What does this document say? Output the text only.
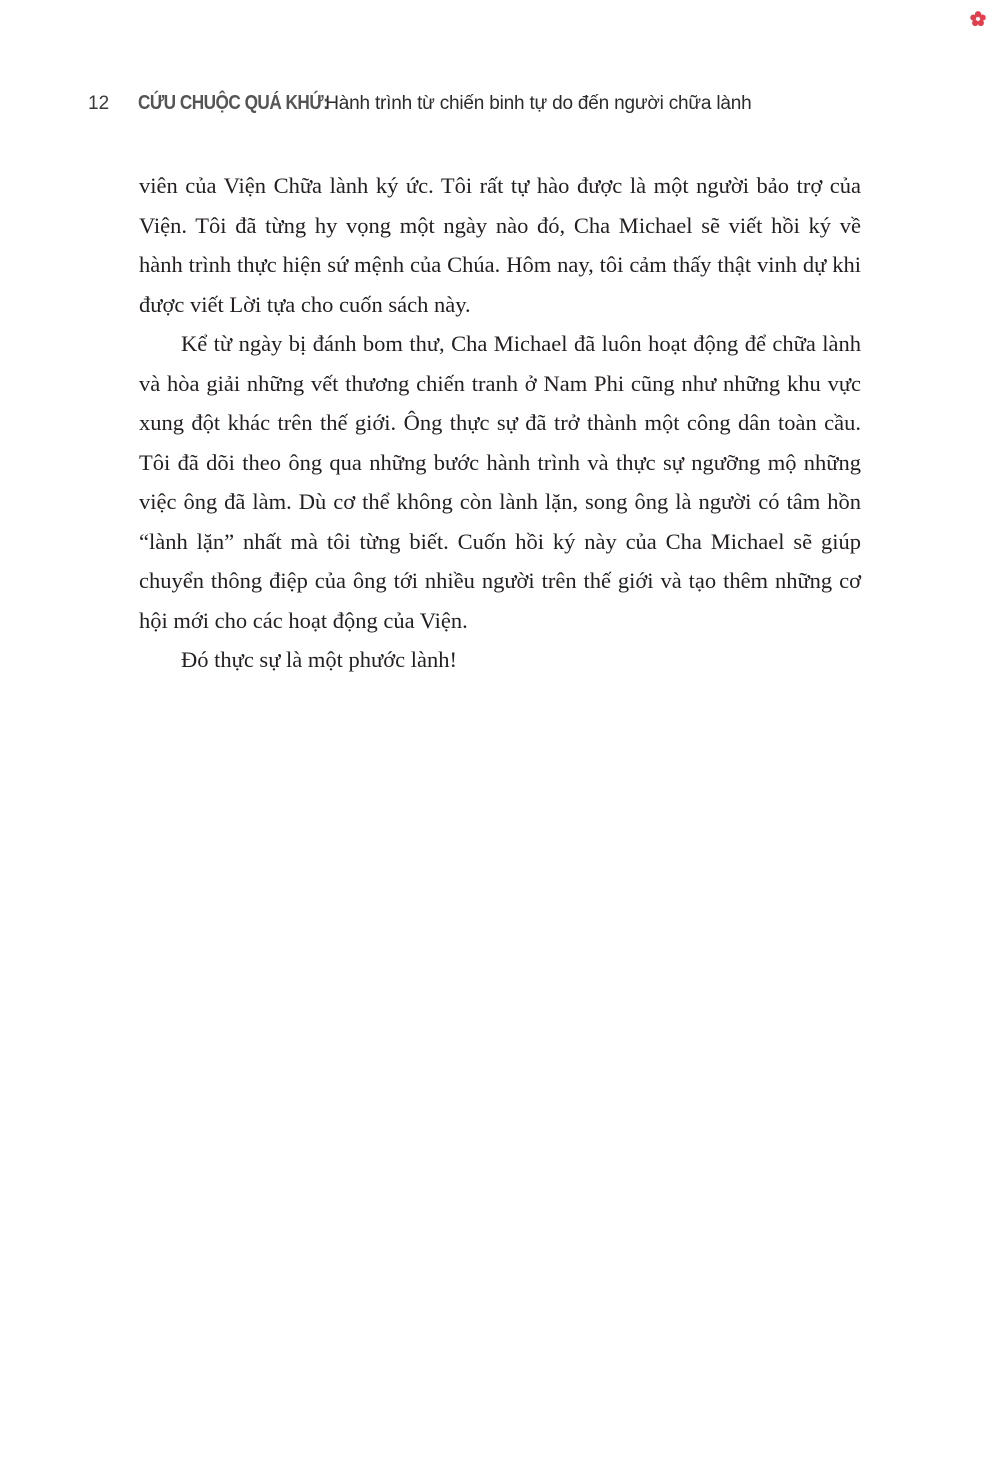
12	CỨU CHUỘC QUÁ KHỨ:
Hành trình từ chiến binh tự do đến người chữa lành

viên của Viện Chữa lành ký ức. Tôi rất tự hào được là một người bảo trợ của Viện. Tôi đã từng hy vọng một ngày nào đó, Cha Michael sẽ viết hồi ký về hành trình thực hiện sứ mệnh của Chúa. Hôm nay, tôi cảm thấy thật vinh dự khi được viết Lời tựa cho cuốn sách này.

Kể từ ngày bị đánh bom thư, Cha Michael đã luôn hoạt động để chữa lành và hòa giải những vết thương chiến tranh ở Nam Phi cũng như những khu vực xung đột khác trên thế giới. Ông thực sự đã trở thành một công dân toàn cầu. Tôi đã dõi theo ông qua những bước hành trình và thực sự ngưỡng mộ những việc ông đã làm. Dù cơ thể không còn lành lặn, song ông là người có tâm hồn “lành lặn” nhất mà tôi từng biết. Cuốn hồi ký này của Cha Michael sẽ giúp chuyển thông điệp của ông tới nhiều người trên thế giới và tạo thêm những cơ hội mới cho các hoạt động của Viện.

Đó thực sự là một phước lành!
